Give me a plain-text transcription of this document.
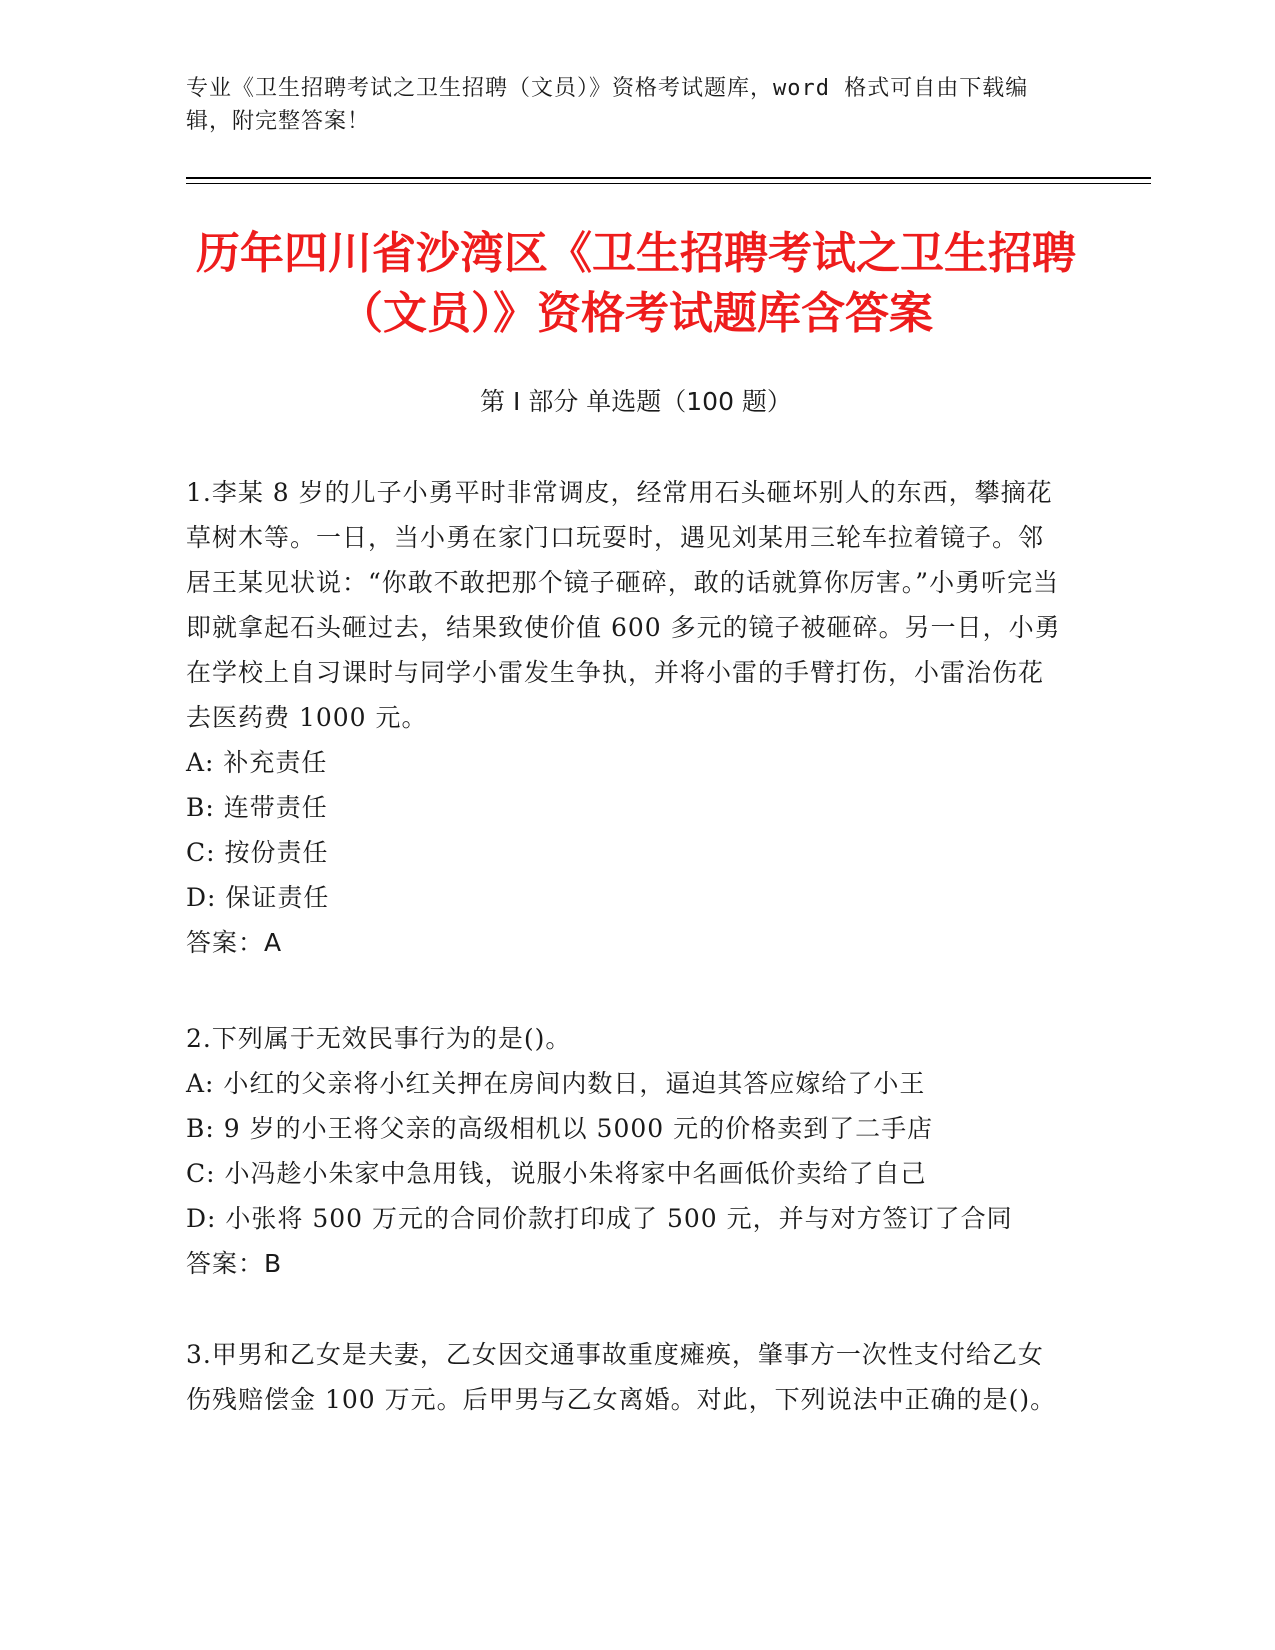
专业《卫生招聘考试之卫生招聘（文员）》资格考试题库，word 格式可自由下载编辑，附完整答案！
历年四川省沙湾区《卫生招聘考试之卫生招聘（文员）》资格考试题库含答案
第 I 部分 单选题（100 题）

1.李某 8 岁的儿子小勇平时非常调皮，经常用石头砸坏别人的东西，攀摘花草树木等。一日，当小勇在家门口玩耍时，遇见刘某用三轮车拉着镜子。邻居王某见状说：“你敢不敢把那个镜子砸碎，敢的话就算你厉害。”小勇听完当即就拿起石头砸过去，结果致使价值 600 多元的镜子被砸碎。另一日，小勇在学校上自习课时与同学小雷发生争执，并将小雷的手臂打伤，小雷治伤花去医药费 1000 元。

A: 补充责任

B: 连带责任

C: 按份责任

D: 保证责任

答案：A

2.下列属于无效民事行为的是()。

A: 小红的父亲将小红关押在房间内数日，逼迫其答应嫁给了小王

B: 9 岁的小王将父亲的高级相机以 5000 元的价格卖到了二手店

C: 小冯趁小朱家中急用钱，说服小朱将家中名画低价卖给了自己

D: 小张将 500 万元的合同价款打印成了 500 元，并与对方签订了合同

答案：B

3.甲男和乙女是夫妻，乙女因交通事故重度瘫痪，肇事方一次性支付给乙女伤残赔偿金 100 万元。后甲男与乙女离婚。对此，下列说法中正确的是()。
